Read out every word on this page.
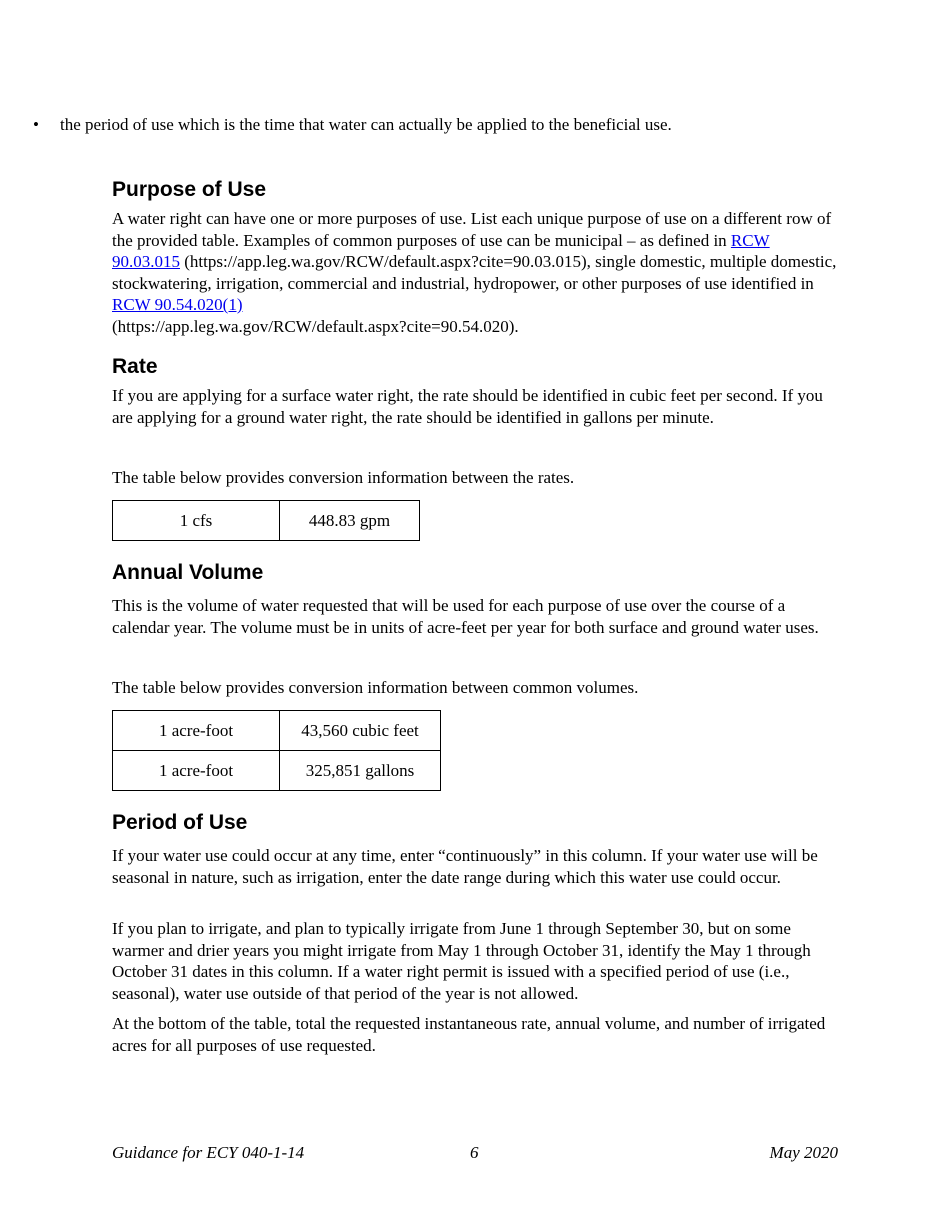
• the period of use which is the time that water can actually be applied to the beneficial use.

Purpose of Use

A water right can have one or more purposes of use. List each unique purpose of use on a different row of the provided table. Examples of common purposes of use can be municipal – as defined in RCW 90.03.015 (https://app.leg.wa.gov/RCW/default.aspx?cite=90.03.015), single domestic, multiple domestic, stockwatering, irrigation, commercial and industrial, hydropower, or other purposes of use identified in RCW 90.54.020(1)
(https://app.leg.wa.gov/RCW/default.aspx?cite=90.54.020).

Rate

If you are applying for a surface water right, the rate should be identified in cubic feet per second. If you are applying for a ground water right, the rate should be identified in gallons per minute.

The table below provides conversion information between the rates.

1 cfs	448.83 gpm
Annual Volume

This is the volume of water requested that will be used for each purpose of use over the course of a calendar year. The volume must be in units of acre-feet per year for both surface and ground water uses.

The table below provides conversion information between common volumes.

1 acre-foot	43,560 cubic feet
1 acre-foot	325,851 gallons
Period of Use

If your water use could occur at any time, enter “continuously” in this column. If your water use will be seasonal in nature, such as irrigation, enter the date range during which this water use could occur.

If you plan to irrigate, and plan to typically irrigate from June 1 through September 30, but on some warmer and drier years you might irrigate from May 1 through October 31, identify the May 1 through October 31 dates in this column. If a water right permit is issued with a specified period of use (i.e., seasonal), water use outside of that period of the year is not allowed.

At the bottom of the table, total the requested instantaneous rate, annual volume, and number of irrigated acres for all purposes of use requested.

Guidance for ECY 040-1-14	6	May 2020
